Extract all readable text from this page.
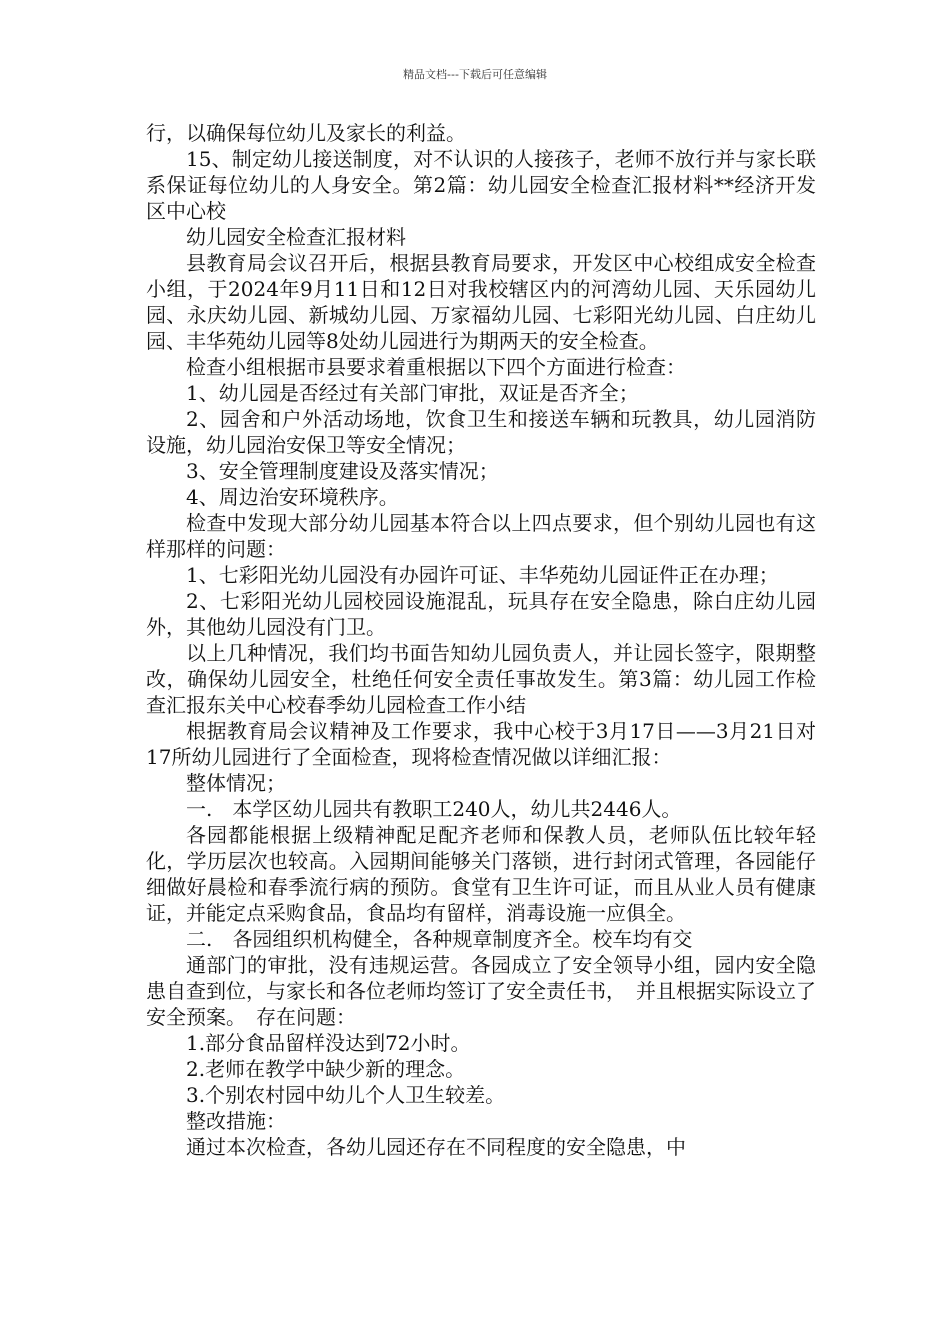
精品文档---下载后可任意编辑

行，以确保每位幼儿及家长的利益。

15、制定幼儿接送制度，对不认识的人接孩子，老师不放行并与家长联系保证每位幼儿的人身安全。第2篇：幼儿园安全检查汇报材料**经济开发区中心校

幼儿园安全检查汇报材料

县教育局会议召开后，根据县教育局要求，开发区中心校组成安全检查小组，于2024年9月11日和12日对我校辖区内的河湾幼儿园、天乐园幼儿园、永庆幼儿园、新城幼儿园、万家福幼儿园、七彩阳光幼儿园、白庄幼儿园、丰华苑幼儿园等8处幼儿园进行为期两天的安全检查。

检查小组根据市县要求着重根据以下四个方面进行检查：

1、幼儿园是否经过有关部门审批，双证是否齐全；

2、园舍和户外活动场地，饮食卫生和接送车辆和玩教具，幼儿园消防设施，幼儿园治安保卫等安全情况；

3、安全管理制度建设及落实情况；

4、周边治安环境秩序。

检查中发现大部分幼儿园基本符合以上四点要求，但个别幼儿园也有这样那样的问题：

1、七彩阳光幼儿园没有办园许可证、丰华苑幼儿园证件正在办理；

2、七彩阳光幼儿园校园设施混乱，玩具存在安全隐患，除白庄幼儿园外，其他幼儿园没有门卫。

以上几种情况，我们均书面告知幼儿园负责人，并让园长签字，限期整改，确保幼儿园安全，杜绝任何安全责任事故发生。第3篇：幼儿园工作检查汇报东关中心校春季幼儿园检查工作小结

根据教育局会议精神及工作要求，我中心校于3月17日——3月21日对17所幼儿园进行了全面检查，现将检查情况做以详细汇报：

整体情况；

一.　本学区幼儿园共有教职工240人，幼儿共2446人。

各园都能根据上级精神配足配齐老师和保教人员，老师队伍比较年轻化，学历层次也较高。入园期间能够关门落锁，进行封闭式管理，各园能仔细做好晨检和春季流行病的预防。食堂有卫生许可证，而且从业人员有健康证，并能定点采购食品，食品均有留样，消毒设施一应俱全。

二.　各园组织机构健全，各种规章制度齐全。校车均有交

通部门的审批，没有违规运营。各园成立了安全领导小组，园内安全隐患自查到位，与家长和各位老师均签订了安全责任书，　并且根据实际设立了安全预案。　存在问题：

1.部分食品留样没达到72小时。

2.老师在教学中缺少新的理念。

3.个别农村园中幼儿个人卫生较差。

整改措施：

通过本次检查，各幼儿园还存在不同程度的安全隐患，中
